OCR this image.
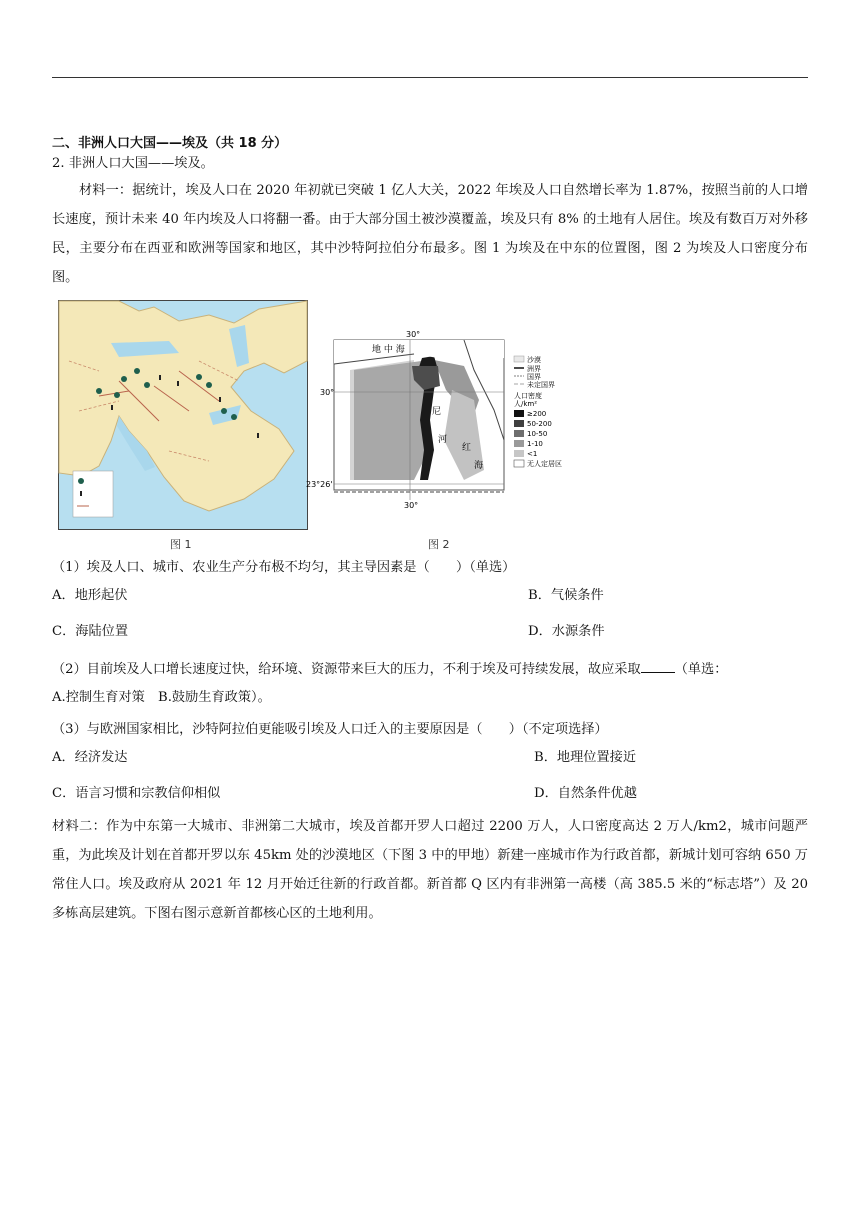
二、非洲人口大国——埃及（共 18 分）
2. 非洲人口大国——埃及。
材料一：据统计，埃及人口在 2020 年初就已突破 1 亿人大关，2022 年埃及人口自然增长率为 1.87%，按照当前的人口增长速度，预计未来 40 年内埃及人口将翻一番。由于大部分国土被沙漠覆盖，埃及只有 8% 的土地有人居住。埃及有数百万对外移民，主要分布在西亚和欧洲等国家和地区，其中沙特阿拉伯分布最多。图 1 为埃及在中东的位置图，图 2 为埃及人口密度分布图。
图 1
30°
30°
23°26'
30°
地 中 海
红
海
尼
河
沙漠
洲界
国界
未定国界
人口密度
人/km²
≥200
50-200
10-50
1-10
<1
无人定居区
图 2
（1）埃及人口、城市、农业生产分布极不均匀，其主导因素是（　　）（单选）
A．地形起伏	B．气候条件
C．海陆位置	D．水源条件
（2）目前埃及人口增长速度过快，给环境、资源带来巨大的压力，不利于埃及可持续发展，故应采取	（单选：
A.控制生育对策　B.鼓励生育政策）。
（3）与欧洲国家相比，沙特阿拉伯更能吸引埃及人口迁入的主要原因是（　　）（不定项选择）
A．经济发达	B．地理位置接近
C．语言习惯和宗教信仰相似	D．自然条件优越
材料二：作为中东第一大城市、非洲第二大城市，埃及首都开罗人口超过 2200 万人，人口密度高达 2 万人/km2，城市问题严重，为此埃及计划在首都开罗以东 45km 处的沙漠地区（下图 3 中的甲地）新建一座城市作为行政首都，新城计划可容纳 650 万常住人口。埃及政府从 2021 年 12 月开始迁往新的行政首都。新首都 Q 区内有非洲第一高楼（高 385.5 米的“标志塔”）及 20 多栋高层建筑。下图右图示意新首都核心区的土地利用。
